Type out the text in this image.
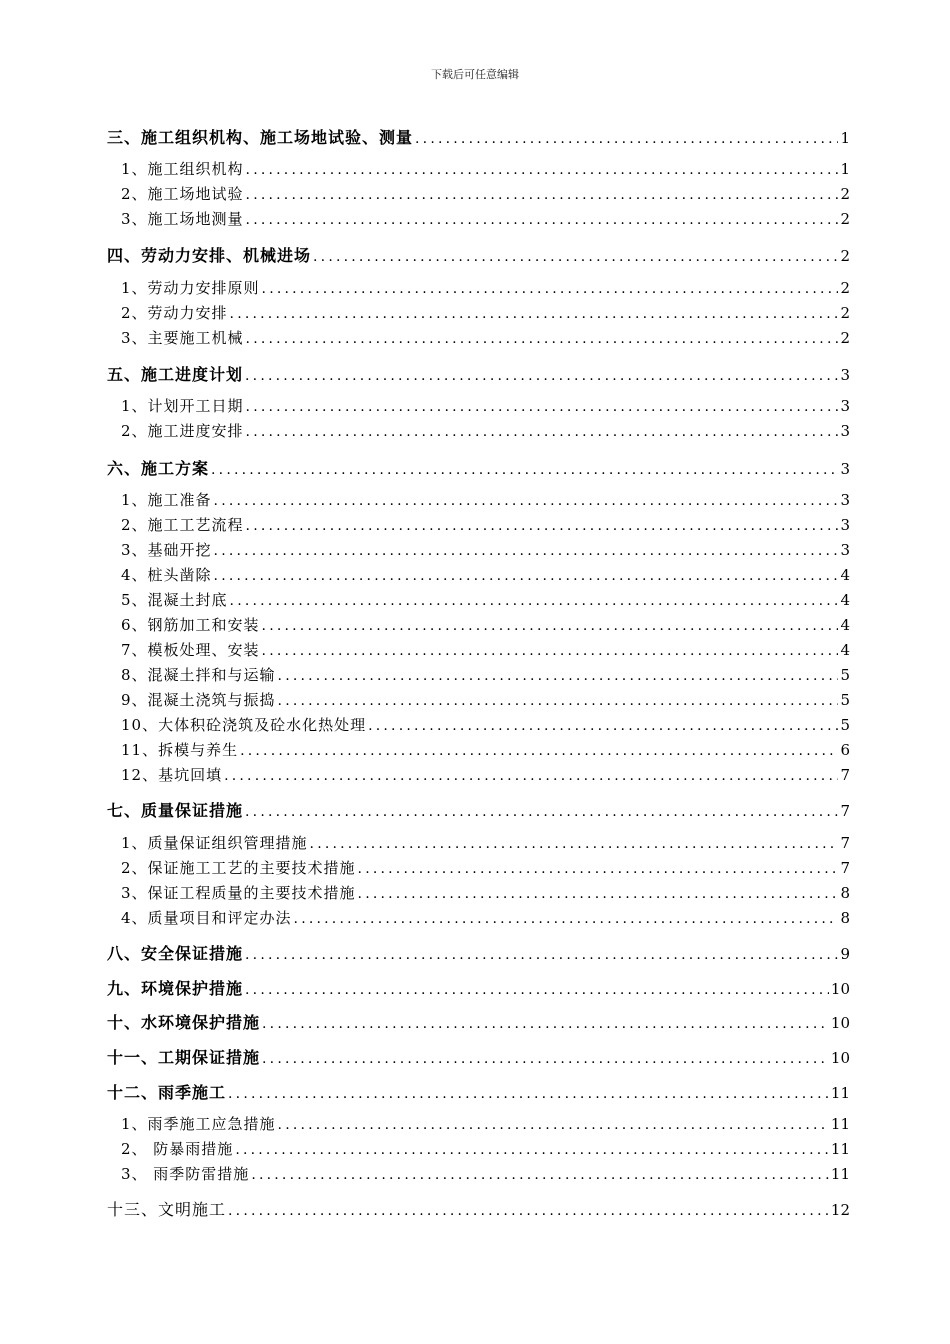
下载后可任意编辑
三、施工组织机构、施工场地试验、测量 .....	1
1、施工组织机构 .....	1
2、施工场地试验 .....	2
3、施工场地测量 .....	2
四、劳动力安排、机械进场 .....	2
1、劳动力安排原则 .....	2
2、劳动力安排 .....	2
3、主要施工机械 .....	2
五、施工进度计划 .....	3
1、计划开工日期 .....	3
2、施工进度安排 .....	3
六、施工方案 .....	3
1、施工准备 .....	3
2、施工工艺流程 .....	3
3、基础开挖 .....	3
4、桩头凿除 .....	4
5、混凝土封底 .....	4
6、钢筋加工和安装 .....	4
7、模板处理、安装 .....	4
8、混凝土拌和与运输 .....	5
9、混凝土浇筑与振捣 .....	5
10、大体积砼浇筑及砼水化热处理 .....	5
11、拆模与养生 .....	6
12、基坑回填 .....	7
七、质量保证措施 .....	7
1、质量保证组织管理措施 .....	7
2、保证施工工艺的主要技术措施 .....	7
3、保证工程质量的主要技术措施 .....	8
4、质量项目和评定办法 .....	8
八、安全保证措施 .....	9
九、环境保护措施 .....	10
十、水环境保护措施 .....	10
十一、工期保证措施 .....	10
十二、雨季施工 .....	11
1、雨季施工应急措施 .....	11
2、 防暴雨措施 .....	11
3、 雨季防雷措施 .....	11
十三、文明施工 .....	12
